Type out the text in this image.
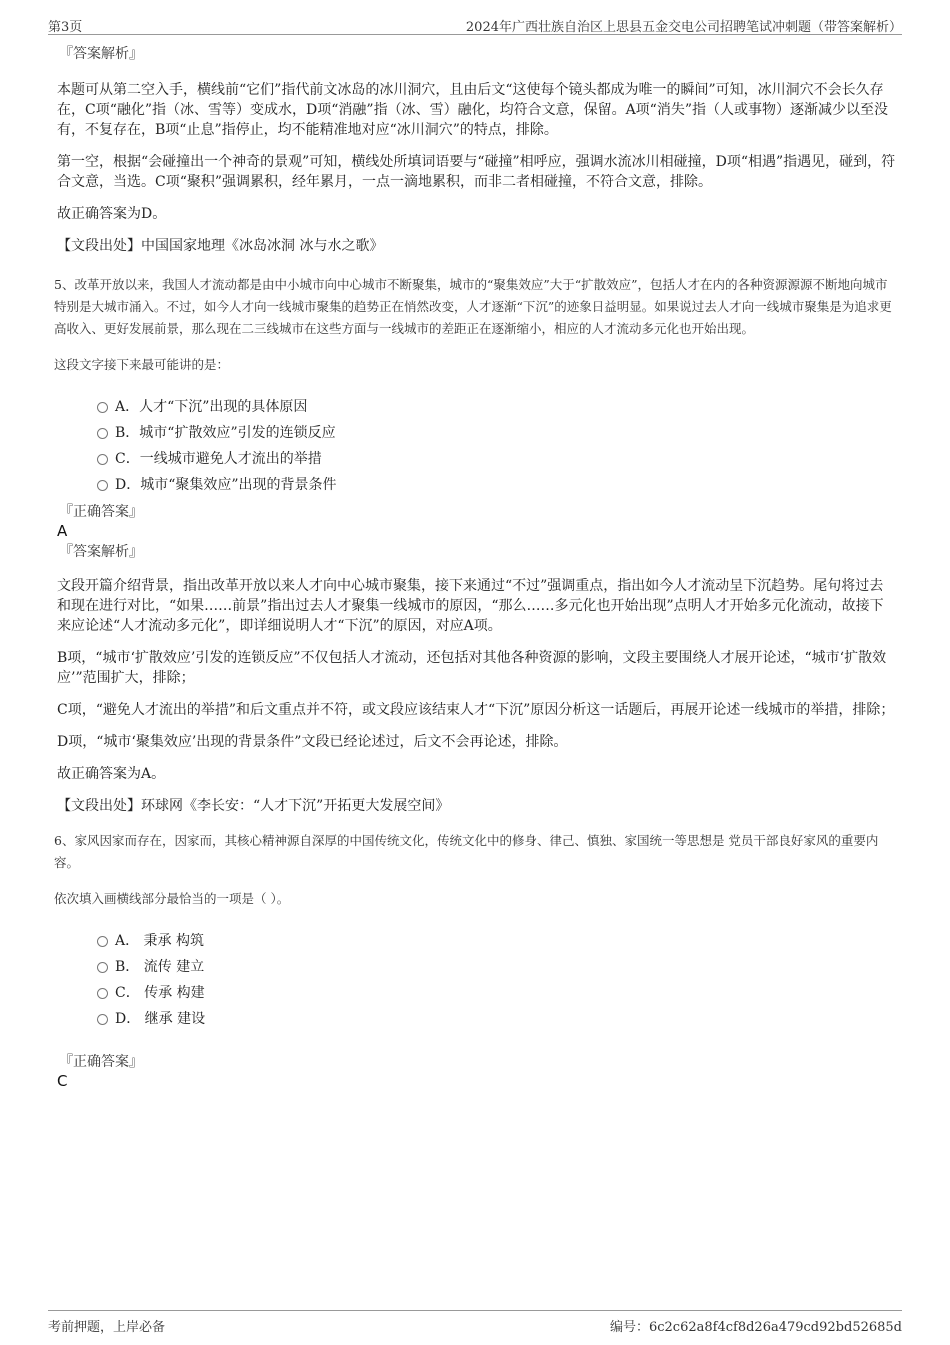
第3页	2024年广西壮族自治区上思县五金交电公司招聘笔试冲刺题（带答案解析）
『答案解析』

本题可从第二空入手，横线前“它们”指代前文冰岛的冰川洞穴，且由后文“这使每个镜头都成为唯一的瞬间”可知，冰川洞穴不会长久存在，C项“融化”指（冰、雪等）变成水，D项“消融”指（冰、雪）融化，均符合文意，保留。A项“消失”指（人或事物）逐渐减少以至没有，不复存在，B项“止息”指停止，均不能精准地对应“冰川洞穴”的特点，排除。

第一空，根据“会碰撞出一个神奇的景观”可知，横线处所填词语要与“碰撞”相呼应，强调水流冰川相碰撞，D项“相遇”指遇见，碰到，符合文意，当选。C项“聚积”强调累积，经年累月，一点一滴地累积，而非二者相碰撞，不符合文意，排除。

故正确答案为D。

【文段出处】中国国家地理《冰岛冰洞 冰与水之歌》

5、改革开放以来，我国人才流动都是由中小城市向中心城市不断聚集，城市的“聚集效应”大于“扩散效应”，包括人才在内的各种资源源源不断地向城市特别是大城市涌入。不过，如今人才向一线城市聚集的趋势正在悄然改变，人才逐渐“下沉”的迹象日益明显。如果说过去人才向一线城市聚集是为追求更高收入、更好发展前景，那么现在二三线城市在这些方面与一线城市的差距正在逐渐缩小，相应的人才流动多元化也开始出现。

这段文字接下来最可能讲的是：

A．人才“下沉”出现的具体原因
B．城市“扩散效应”引发的连锁反应
C．一线城市避免人才流出的举措
D．城市“聚集效应”出现的背景条件
『正确答案』
A
『答案解析』

文段开篇介绍背景，指出改革开放以来人才向中心城市聚集，接下来通过“不过”强调重点，指出如今人才流动呈下沉趋势。尾句将过去和现在进行对比，“如果……前景”指出过去人才聚集一线城市的原因，“那么……多元化也开始出现”点明人才开始多元化流动，故接下来应论述“人才流动多元化”，即详细说明人才“下沉”的原因，对应A项。

B项，“城市‘扩散效应’引发的连锁反应”不仅包括人才流动，还包括对其他各种资源的影响，文段主要围绕人才展开论述，“城市‘扩散效应’”范围扩大，排除；

C项，“避免人才流出的举措”和后文重点并不符，或文段应该结束人才“下沉”原因分析这一话题后，再展开论述一线城市的举措，排除；

D项，“城市‘聚集效应’出现的背景条件”文段已经论述过，后文不会再论述，排除。

故正确答案为A。

【文段出处】环球网《李长安：“人才下沉”开拓更大发展空间》

6、家风因家而存在，因家而，其核心精神源自深厚的中国传统文化，传统文化中的修身、律己、慎独、家国统一等思想是 党员干部良好家风的重要内容。

依次填入画横线部分最恰当的一项是（ ）。

A． 秉承 构筑
B． 流传 建立
C． 传承 构建
D． 继承 建设
『正确答案』
C
考前押题，上岸必备	编号：6c2c62a8f4cf8d26a479cd92bd52685d
